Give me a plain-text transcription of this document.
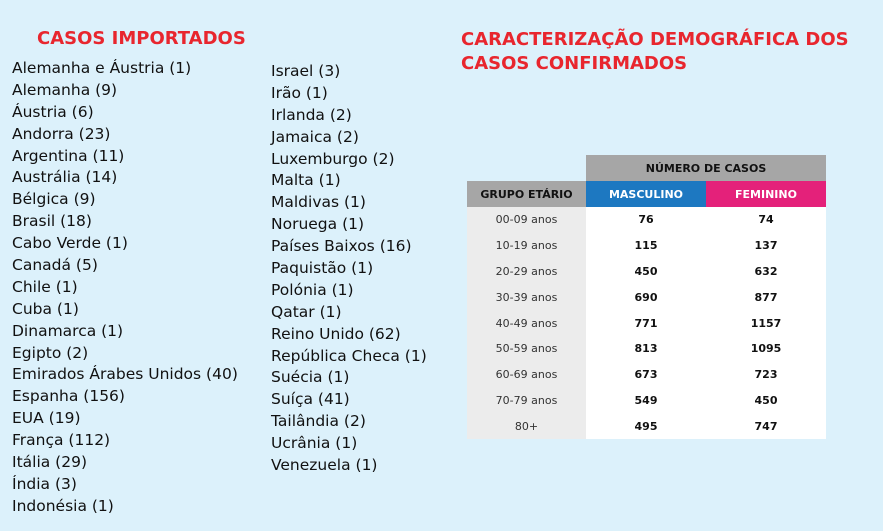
CASOS IMPORTADOS	CARACTERIZAÇÃO DEMOGRÁFICA DOS CASOS CONFIRMADOS
Alemanha e Áustria (1)
Alemanha (9)
Áustria (6)
Andorra (23)
Argentina (11)
Austrália (14)
Bélgica (9)
Brasil (18)
Cabo Verde (1)
Canadá (5)
Chile (1)
Cuba (1)
Dinamarca (1)
Egipto (2)
Emirados Árabes Unidos (40)
Espanha (156)
EUA (19)
França (112)
Itália (29)
Índia (3)
Indonésia (1)
Israel (3)
Irão (1)
Irlanda (2)
Jamaica (2)
Luxemburgo (2)
Malta (1)
Maldivas (1)
Noruega (1)
Países Baixos (16)
Paquistão (1)
Polónia (1)
Qatar (1)
Reino Unido (62)
República Checa (1)
Suécia (1)
Suíça (41)
Tailândia (2)
Ucrânia (1)
Venezuela (1)
	NÚMERO DE CASOS	
GRUPO ETÁRIO	MASCULINO	FEMININO
00-09 anos	76	74
10-19 anos	115	137
20-29 anos	450	632
30-39 anos	690	877
40-49 anos	771	1157
50-59 anos	813	1095
60-69 anos	673	723
70-79 anos	549	450
80+	495	747
